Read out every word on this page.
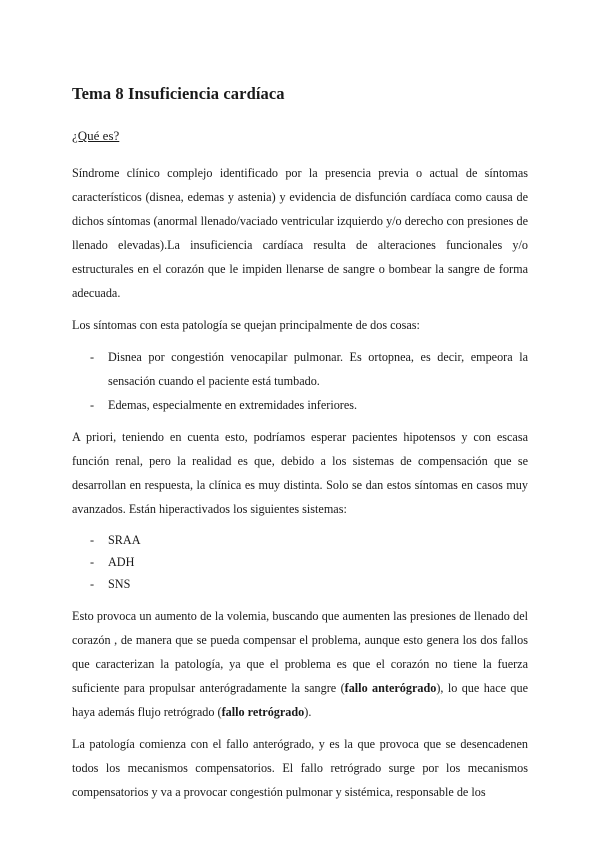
Tema 8 Insuficiencia cardíaca
¿Qué es?

Síndrome clínico complejo identificado por la presencia previa o actual de síntomas característicos (disnea, edemas y astenia) y evidencia de disfunción cardíaca como causa de dichos síntomas (anormal llenado/vaciado ventricular izquierdo y/o derecho con presiones de llenado elevadas).La insuficiencia cardíaca resulta de alteraciones funcionales y/o estructurales en el corazón que le impiden llenarse de sangre o bombear la sangre de forma adecuada.

Los síntomas con esta patología se quejan principalmente de dos cosas:

- Disnea por congestión venocapilar pulmonar. Es ortopnea, es decir, empeora la sensación cuando el paciente está tumbado.
- Edemas, especialmente en extremidades inferiores.

A priori, teniendo en cuenta esto, podríamos esperar pacientes hipotensos y con escasa función renal, pero la realidad es que, debido a los sistemas de compensación que se desarrollan en respuesta, la clínica es muy distinta. Solo se dan estos síntomas en casos muy avanzados. Están hiperactivados los siguientes sistemas:

- SRAA
- ADH
- SNS

Esto provoca un aumento de la volemia, buscando que aumenten las presiones de llenado del corazón , de manera que se pueda compensar el problema, aunque esto genera los dos fallos que caracterizan la patología, ya que el problema es que el corazón no tiene la fuerza suficiente para propulsar anterógradamente la sangre (fallo anterógrado), lo que hace que haya además flujo retrógrado (fallo retrógrado).

La patología comienza con el fallo anterógrado, y es la que provoca que se desencadenen todos los mecanismos compensatorios. El fallo retrógrado surge por los mecanismos compensatorios y va a provocar congestión pulmonar y sistémica, responsable de los
